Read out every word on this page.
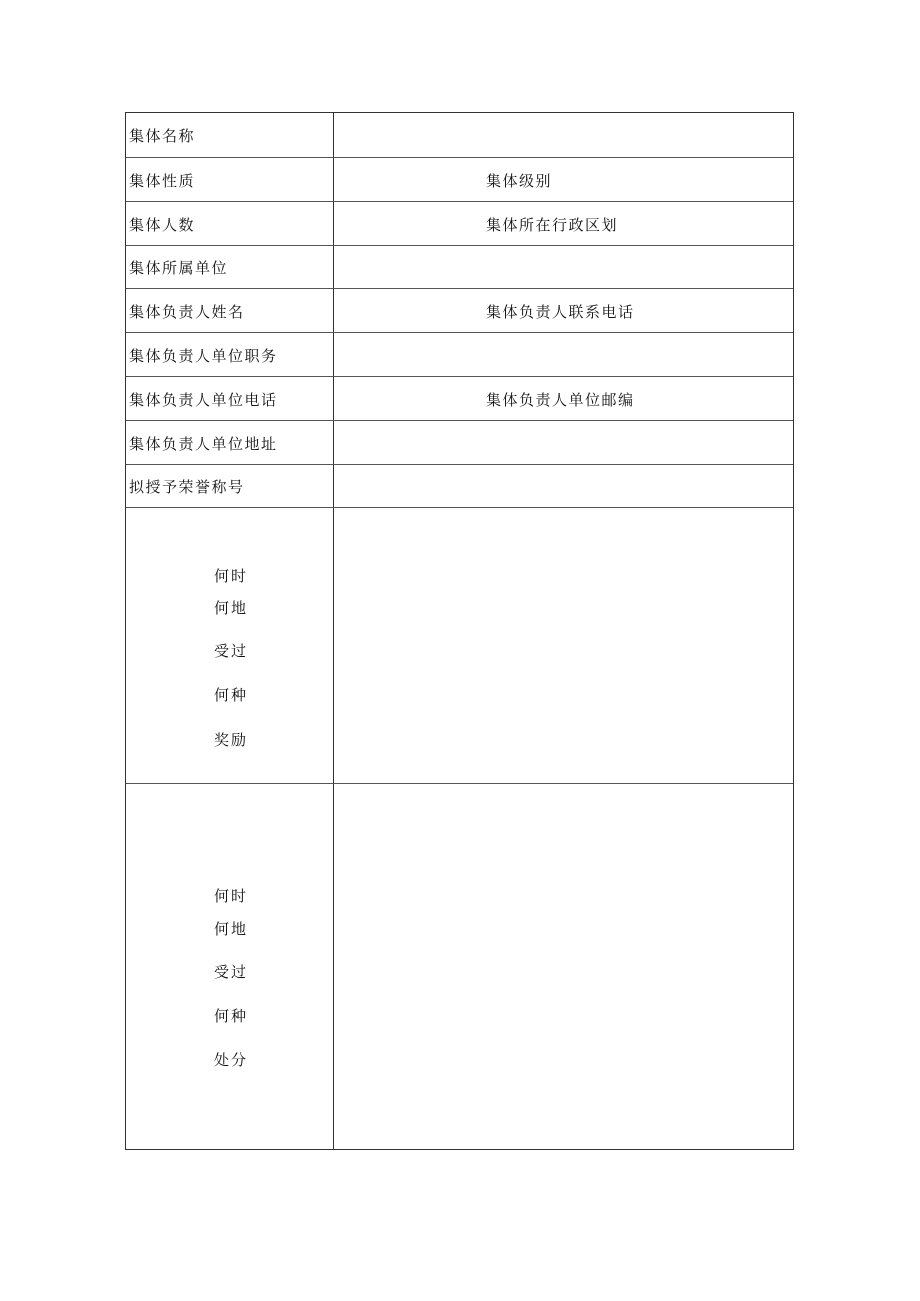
集体名称
集体性质	集体级别
集体人数	集体所在行政区划
集体所属单位
集体负责人姓名	集体负责人联系电话
集体负责人单位职务
集体负责人单位电话	集体负责人单位邮编
集体负责人单位地址
拟授予荣誉称号
何时
何地
受过
何种
奖励
何时
何地
受过
何种
处分
